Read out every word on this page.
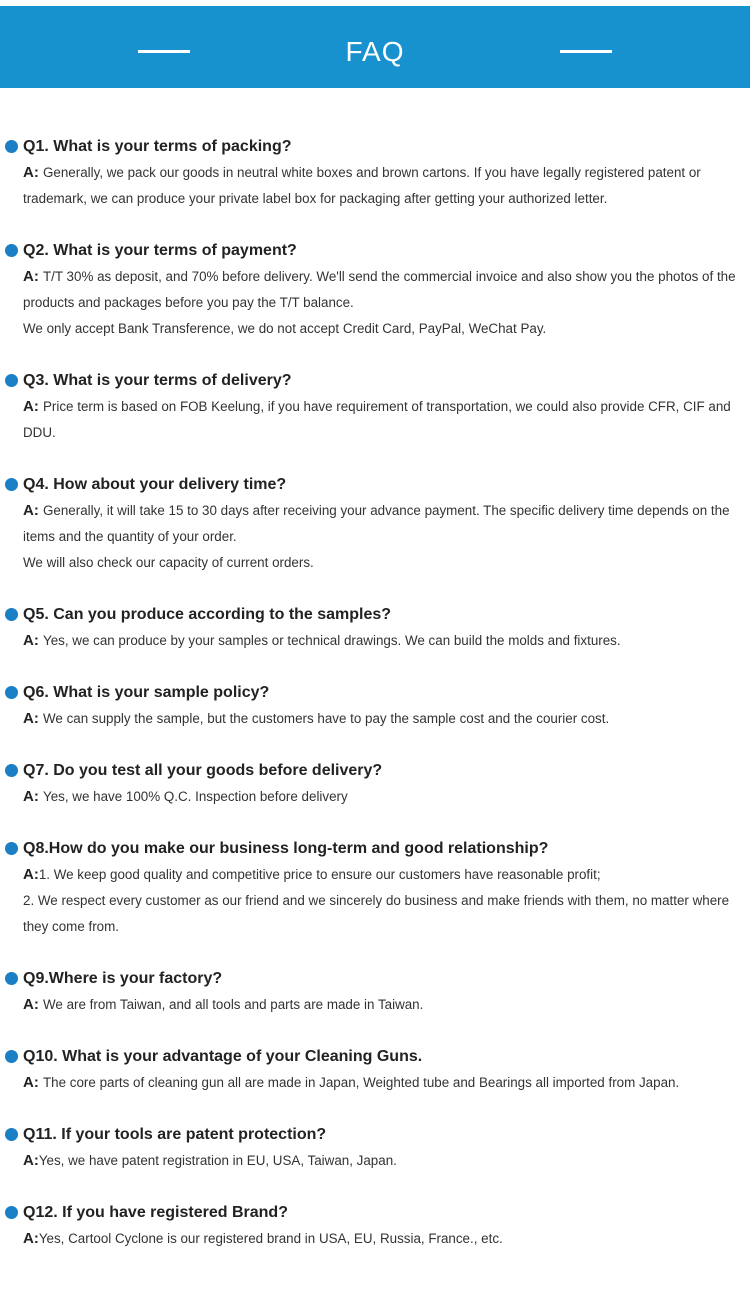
FAQ
Q1. What is your terms of packing?

A: Generally, we pack our goods in neutral white boxes and brown cartons. If you have legally registered patent or trademark, we can produce your private label box for packaging after getting your authorized letter.

Q2. What is your terms of payment?

A: T/T 30% as deposit, and 70% before delivery. We'll send the commercial invoice and also show you the photos of the products and packages before you pay the T/T balance.

We only accept Bank Transference, we do not accept Credit Card, PayPal, WeChat Pay.

Q3. What is your terms of delivery?

A: Price term is based on FOB Keelung, if you have requirement of transportation, we could also provide CFR, CIF and DDU.

Q4. How about your delivery time?

A: Generally, it will take 15 to 30 days after receiving your advance payment. The specific delivery time depends on the items and the quantity of your order.

We will also check our capacity of current orders.

Q5. Can you produce according to the samples?

A: Yes, we can produce by your samples or technical drawings. We can build the molds and fixtures.

Q6. What is your sample policy?

A: We can supply the sample, but the customers have to pay the sample cost and the courier cost.

Q7. Do you test all your goods before delivery?

A: Yes, we have 100% Q.C. Inspection before delivery

Q8.How do you make our business long-term and good relationship?

A:1. We keep good quality and competitive price to ensure our customers have reasonable profit;

2. We respect every customer as our friend and we sincerely do business and make friends with them, no matter where they come from.

Q9.Where is your factory?

A: We are from Taiwan, and all tools and parts are made in Taiwan.

Q10. What is your advantage of your Cleaning Guns.

A: The core parts of cleaning gun all are made in Japan, Weighted tube and Bearings all imported from Japan.

Q11. If your tools are patent protection?

A:Yes, we have patent registration in EU, USA, Taiwan, Japan.

Q12. If you have registered Brand?

A:Yes, Cartool Cyclone is our registered brand in USA, EU, Russia, France., etc.
